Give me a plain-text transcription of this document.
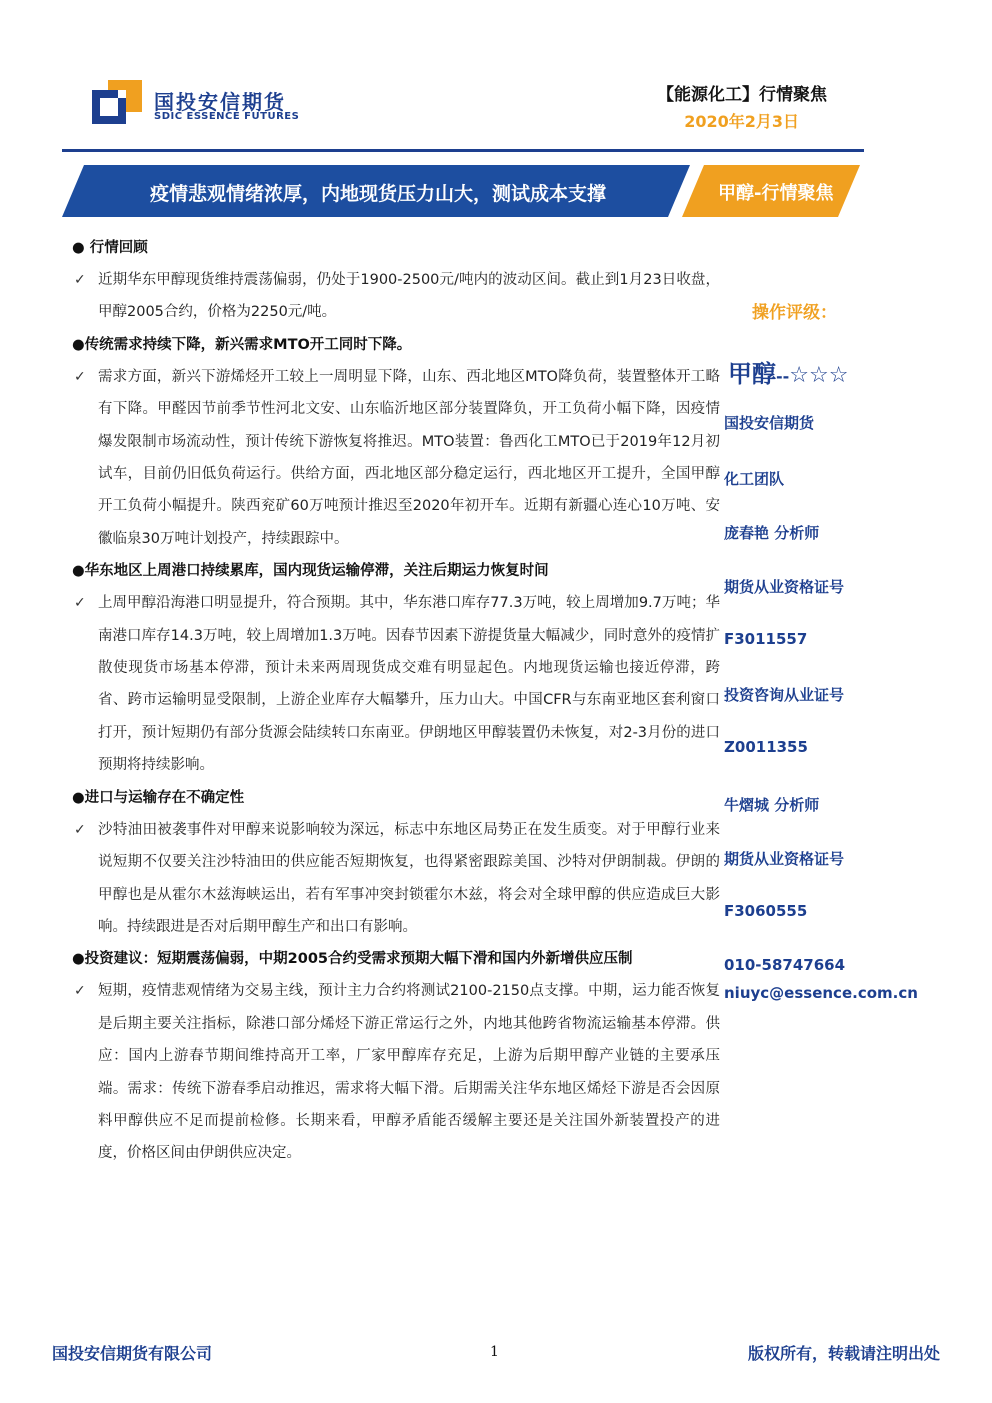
国投安信期货
SDIC ESSENCE FUTURES
【能源化工】行情聚焦
2020年2月3日
疫情悲观情绪浓厚，内地现货压力山大，测试成本支撑	甲醇-行情聚焦
● 行情回顾
✓ 近期华东甲醇现货维持震荡偏弱，仍处于1900-2500元/吨内的波动区间。截止到1月23日收盘，甲醇2005合约，价格为2250元/吨。
●传统需求持续下降，新兴需求MTO开工同时下降。
✓ 需求方面，新兴下游烯烃开工较上一周明显下降，山东、西北地区MTO降负荷，装置整体开工略有下降。甲醛因节前季节性河北文安、山东临沂地区部分装置降负，开工负荷小幅下降，因疫情爆发限制市场流动性，预计传统下游恢复将推迟。MTO装置：鲁西化工MTO已于2019年12月初试车，目前仍旧低负荷运行。供给方面，西北地区部分稳定运行，西北地区开工提升，全国甲醇开工负荷小幅提升。陕西兖矿60万吨预计推迟至2020年初开车。近期有新疆心连心10万吨、安徽临泉30万吨计划投产，持续跟踪中。
●华东地区上周港口持续累库，国内现货运输停滞，关注后期运力恢复时间
✓ 上周甲醇沿海港口明显提升，符合预期。其中，华东港口库存77.3万吨，较上周增加9.7万吨；华南港口库存14.3万吨，较上周增加1.3万吨。因春节因素下游提货量大幅减少，同时意外的疫情扩散使现货市场基本停滞，预计未来两周现货成交难有明显起色。内地现货运输也接近停滞，跨省、跨市运输明显受限制，上游企业库存大幅攀升，压力山大。中国CFR与东南亚地区套利窗口打开，预计短期仍有部分货源会陆续转口东南亚。伊朗地区甲醇装置仍未恢复，对2-3月份的进口预期将持续影响。
●进口与运输存在不确定性
✓ 沙特油田被袭事件对甲醇来说影响较为深远，标志中东地区局势正在发生质变。对于甲醇行业来说短期不仅要关注沙特油田的供应能否短期恢复，也得紧密跟踪美国、沙特对伊朗制裁。伊朗的甲醇也是从霍尔木兹海峡运出，若有军事冲突封锁霍尔木兹，将会对全球甲醇的供应造成巨大影响。持续跟进是否对后期甲醇生产和出口有影响。
●投资建议：短期震荡偏弱，中期2005合约受需求预期大幅下滑和国内外新增供应压制
✓ 短期，疫情悲观情绪为交易主线，预计主力合约将测试2100-2150点支撑。中期，运力能否恢复是后期主要关注指标，除港口部分烯烃下游正常运行之外，内地其他跨省物流运输基本停滞。供应：国内上游春节期间维持高开工率，厂家甲醇库存充足，上游为后期甲醇产业链的主要承压端。需求：传统下游春季启动推迟，需求将大幅下滑。后期需关注华东地区烯烃下游是否会因原料甲醇供应不足而提前检修。长期来看，甲醇矛盾能否缓解主要还是关注国外新装置投产的进度，价格区间由伊朗供应决定。
操作评级：
甲醇--☆☆☆
国投安信期货
化工团队
庞春艳 分析师
期货从业资格证号
F3011557
投资咨询从业证号
Z0011355
牛熠城 分析师
期货从业资格证号
F3060555
010-58747664
niuyc@essence.com.cn
国投安信期货有限公司	1	版权所有，转载请注明出处
